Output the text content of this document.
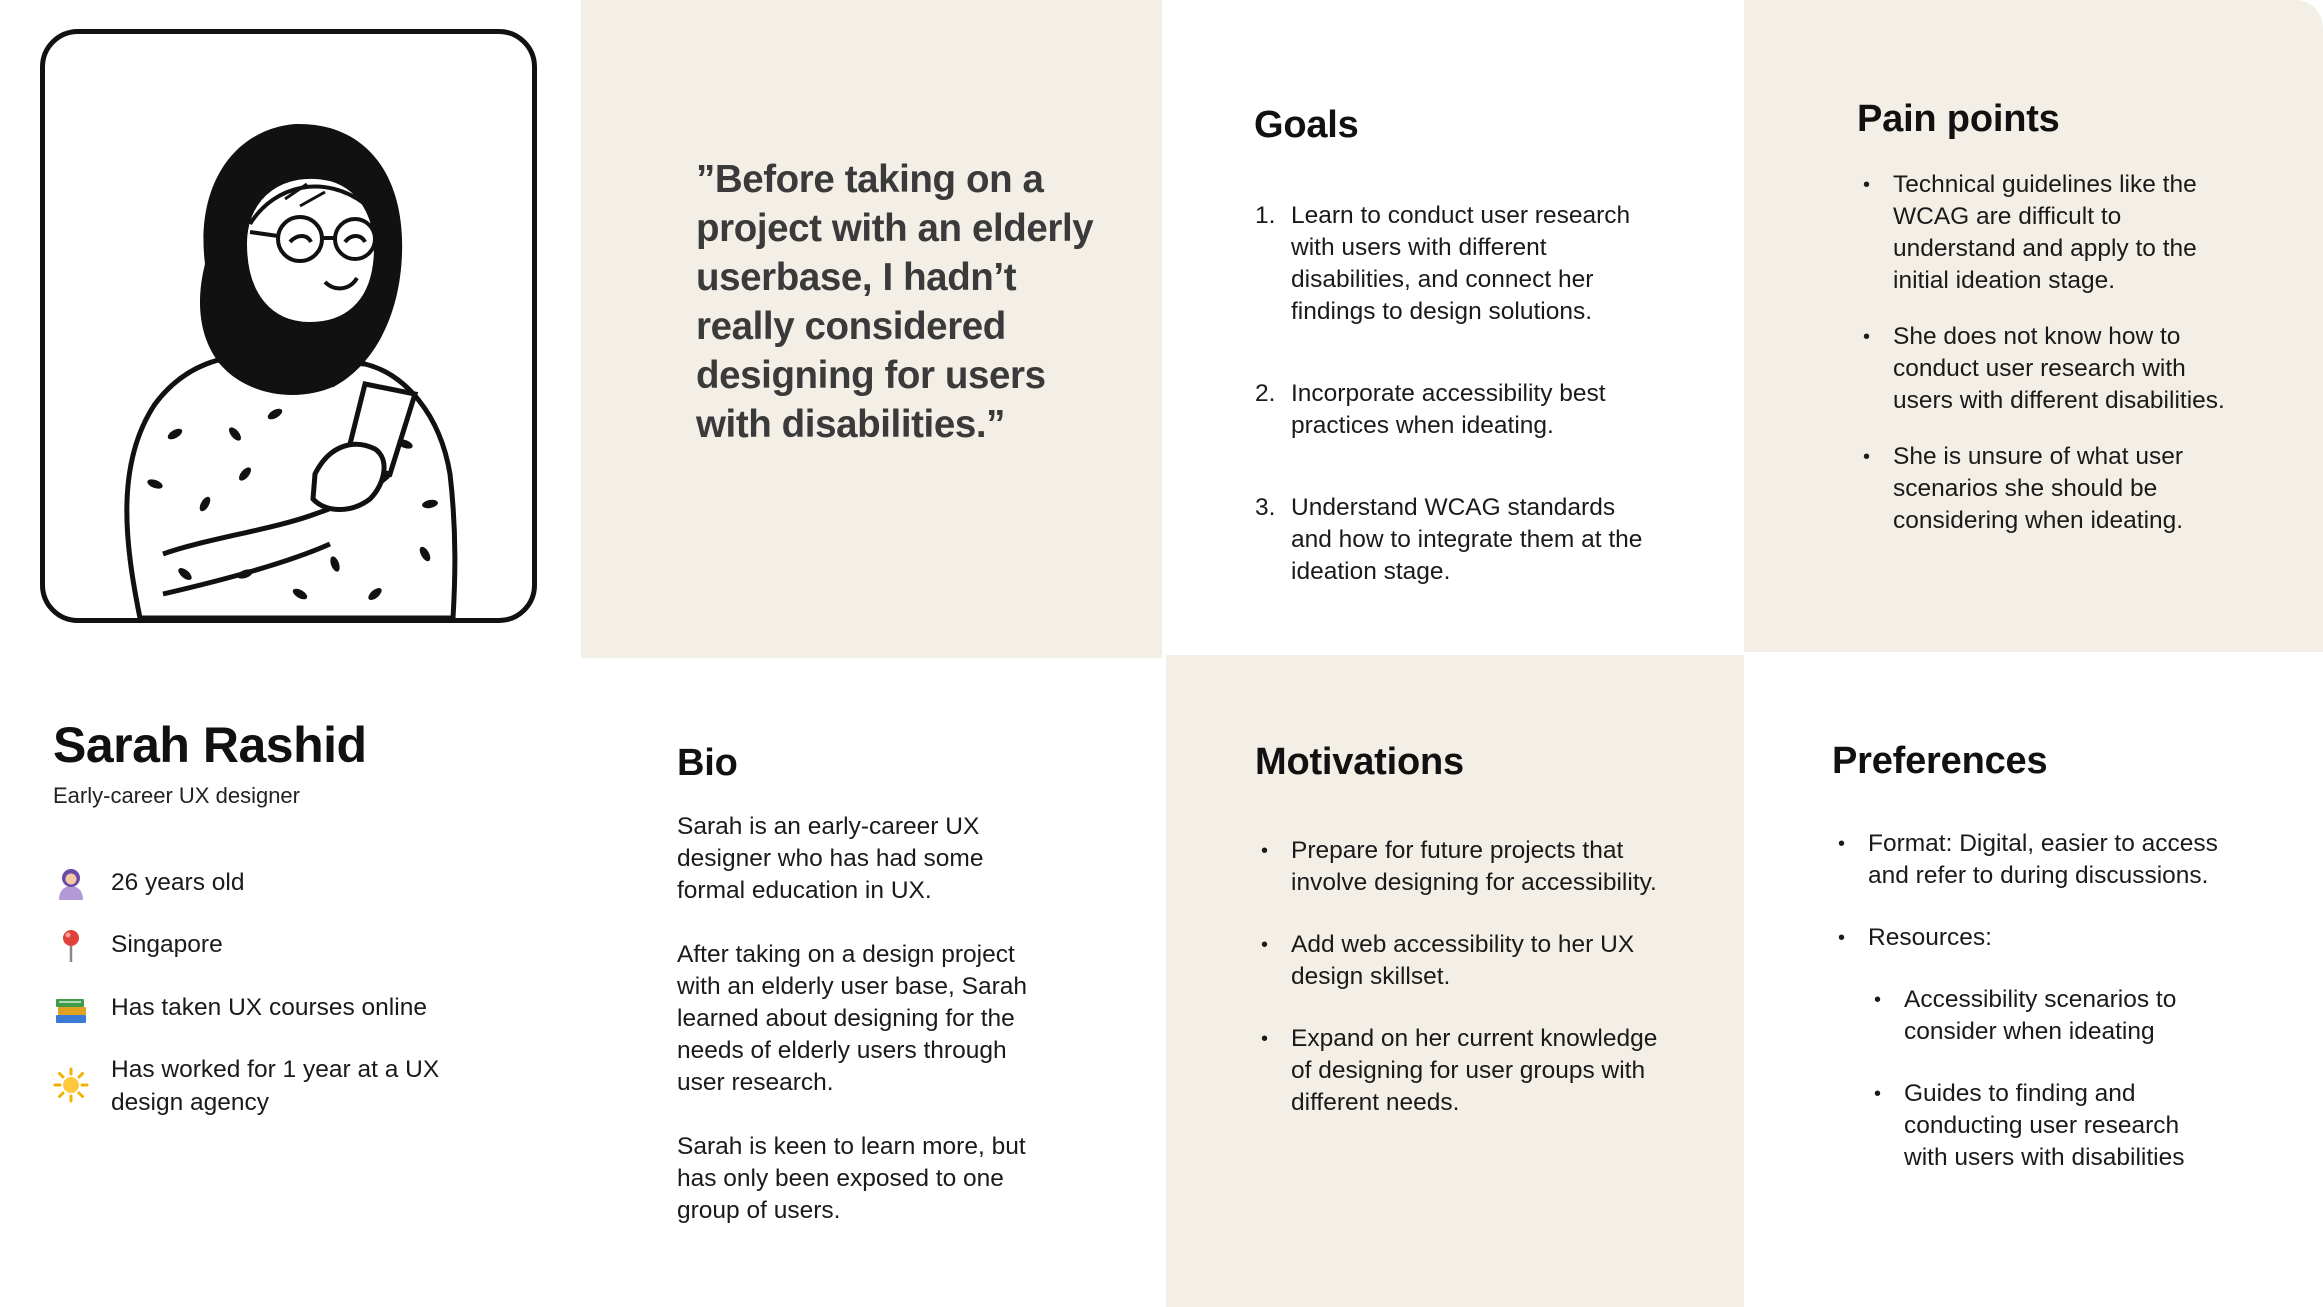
”Before taking on a project with an elderly userbase, I hadn’t really considered designing for users with disabilities.”

Goals
1. Learn to conduct user research with users with different disabilities, and connect her findings to design solutions.
2. Incorporate accessibility best practices when ideating.
3. Understand WCAG standards and how to integrate them at the ideation stage.
Pain points
• Technical guidelines like the WCAG are difficult to understand and apply to the initial ideation stage.
• She does not know how to conduct user research with users with different disabilities.
• She is unsure of what user scenarios she should be considering when ideating.
Sarah Rashid
Early-career UX designer
26 years old
Singapore
Has taken UX courses online
Has worked for 1 year at a UX design agency
Bio

Sarah is an early-career UX designer who has had some formal education in UX.

After taking on a design project with an elderly user base, Sarah learned about designing for the needs of elderly users through user research.

Sarah is keen to learn more, but has only been exposed to one group of users.

Motivations
• Prepare for future projects that involve designing for accessibility.
• Add web accessibility to her UX design skillset.
• Expand on her current knowledge of designing for user groups with different needs.
Preferences
• Format: Digital, easier to access and refer to during discussions.
• Resources:
• Accessibility scenarios to consider when ideating
• Guides to finding and conducting user research with users with disabilities
